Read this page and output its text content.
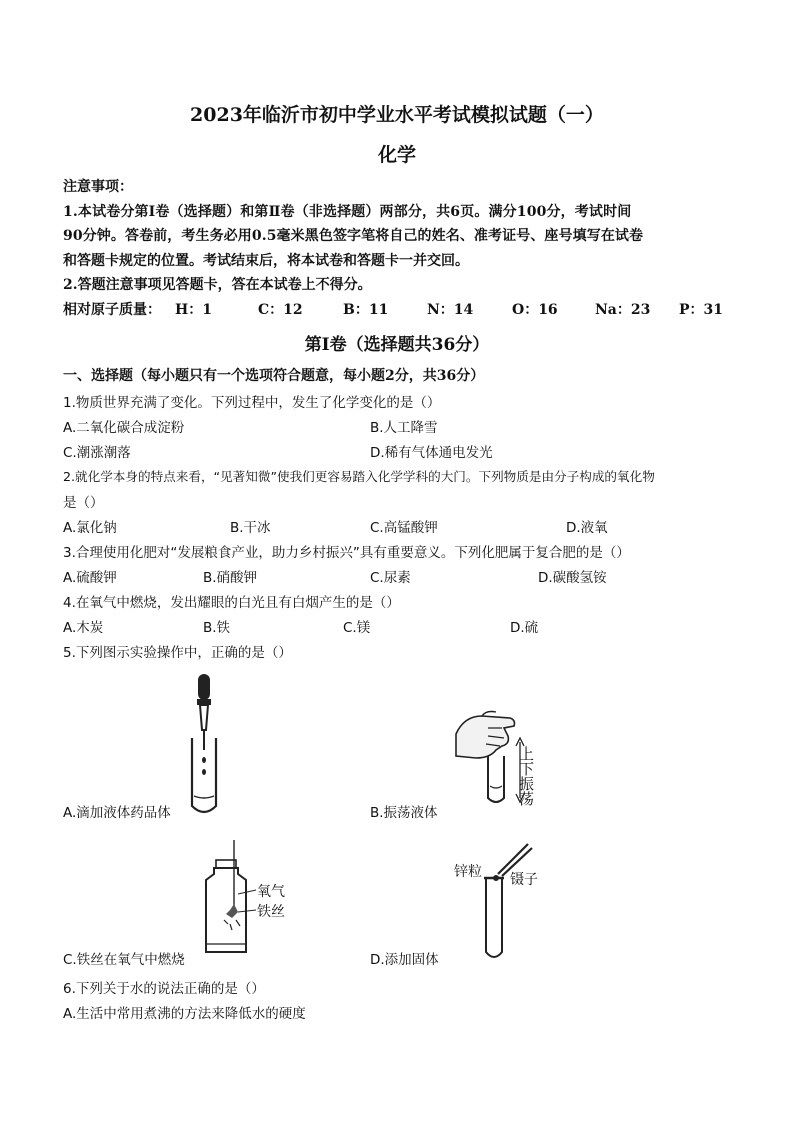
2023年临沂市初中学业水平考试模拟试题（一）
化学
注意事项：
1.本试卷分第Ⅰ卷（选择题）和第Ⅱ卷（非选择题）两部分，共6页。满分100分，考试时间
90分钟。答卷前，考生务必用0.5毫米黑色签字笔将自己的姓名、准考证号、座号填写在试卷
和答题卡规定的位置。考试结束后，将本试卷和答题卡一并交回。
2.答题注意事项见答题卡，答在本试卷上不得分。
相对原子质量： H：1	C：12	B：11	N：14	O：16	Na：23 P：31
第Ⅰ卷（选择题共36分）
一、选择题（每小题只有一个选项符合题意，每小题2分，共36分）
1.物质世界充满了变化。下列过程中，发生了化学变化的是（）
A.二氧化碳合成淀粉	B.人工降雪
C.潮涨潮落	D.稀有气体通电发光
2.就化学本身的特点来看，“见著知微”使我们更容易踏入化学学科的大门。下列物质是由分子构成的氧化物
是（）
A.氯化钠	B.干冰	C.高锰酸钾	D.液氧
3.合理使用化肥对“发展粮食产业，助力乡村振兴”具有重要意义。下列化肥属于复合肥的是（）
A.硫酸钾	B.硝酸钾	C.尿素	D.碳酸氢铵
4.在氧气中燃烧，发出耀眼的白光且有白烟产生的是（）
A.木炭	B.铁	C.镁	D.硫
5.下列图示实验操作中，正确的是（）
A.滴加液体药品体
上下振荡
B.振荡液体
氧气
铁丝
C.铁丝在氧气中燃烧
锌粒 镊子
D.添加固体
6.下列关于水的说法正确的是（）
A.生活中常用煮沸的方法来降低水的硬度
